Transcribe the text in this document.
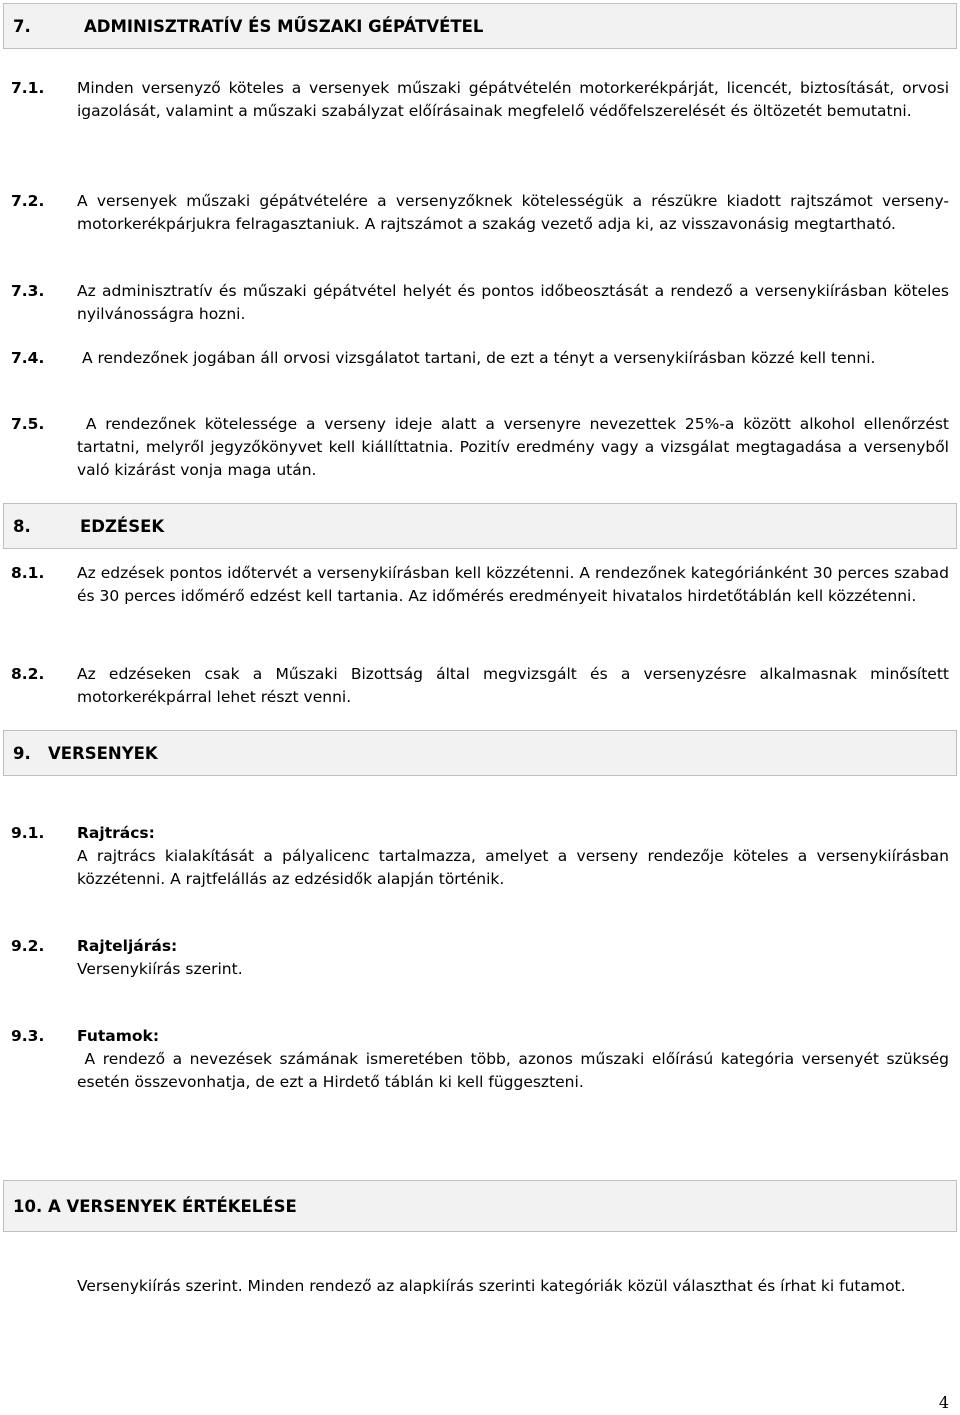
7.	ADMINISZTRATÍV ÉS MŰSZAKI GÉPÁTVÉTEL
7.1. Minden versenyző köteles a versenyek műszaki gépátvételén motorkerékpárját, licencét, biztosítását, orvosi igazolását, valamint a műszaki szabályzat előírásainak megfelelő védőfelszerelését és öltözetét bemutatni.
7.2. A versenyek műszaki gépátvételére a versenyzőknek kötelességük a részükre kiadott rajtszámot verseny-motorkerékpárjukra felragasztaniuk. A rajtszámot a szakág vezető adja ki, az visszavonásig megtartható.
7.3. Az adminisztratív és műszaki gépátvétel helyét és pontos időbeosztását a rendező a versenykiírásban köteles nyilvánosságra hozni.
7.4. A rendezőnek jogában áll orvosi vizsgálatot tartani, de ezt a tényt a versenykiírásban közzé kell tenni.
7.5. A rendezőnek kötelessége a verseny ideje alatt a versenyre nevezettek 25%-a között alkohol ellenőrzést tartatni, melyről jegyzőkönyvet kell kiállíttatnia. Pozitív eredmény vagy a vizsgálat megtagadása a versenyből való kizárást vonja maga után.
8.	EDZÉSEK
8.1. Az edzések pontos időtervét a versenykiírásban kell közzétenni. A rendezőnek kategóriánként 30 perces szabad és 30 perces időmérő edzést kell tartania. Az időmérés eredményeit hivatalos hirdetőtáblán kell közzétenni.
8.2. Az edzéseken csak a Műszaki Bizottság által megvizsgált és a versenyzésre alkalmasnak minősített motorkerékpárral lehet részt venni.
9. VERSENYEK
9.1. Rajtrács:
A rajtrács kialakítását a pályalicenc tartalmazza, amelyet a verseny rendezője köteles a versenykiírásban közzétenni. A rajtfelállás az edzésidők alapján történik.
9.2. Rajteljárás:
Versenykiírás szerint.
9.3. Futamok:
A rendező a nevezések számának ismeretében több, azonos műszaki előírású kategória versenyét szükség esetén összevonhatja, de ezt a Hirdető táblán ki kell függeszteni.
10. A VERSENYEK ÉRTÉKELÉSE
Versenykiírás szerint. Minden rendező az alapkiírás szerinti kategóriák közül választhat és írhat ki futamot.
4
